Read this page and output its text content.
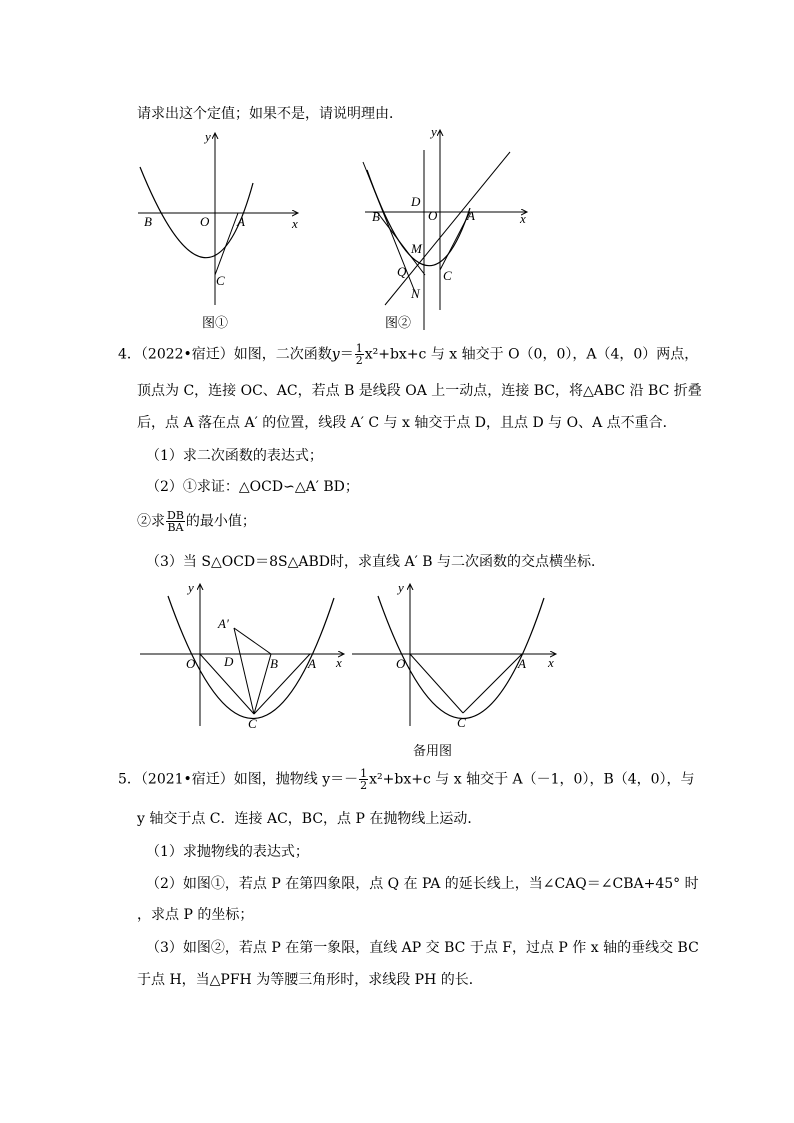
请求出这个定值；如果不是，请说明理由．
y
x
O A
B
C
图①
y
x
O A
B
C
D
M
Q
N
图②
4．（2022•宿迁）如图，二次函数$y= \frac{1}{2} x^2+bx+c$ 与 x 轴交于 O（0，0），A（4，0）两点，
顶点为 C，连接 OC、AC，若点 B 是线段 OA 上一动点，连接 BC，将△ABC 沿 BC 折叠
后，点 A 落在点 A′ 的位置，线段 A′ C 与 x 轴交于点 D，且点 D 与 O、A 点不重合．
（1）求二次函数的表达式；
（2）①求证：△OCD∽△A′ BD；
②求 $\frac{DB}{BA}$ 的最小值；
（3）当 S△OCD＝8S△ABD时，求直线 A′ B 与二次函数的交点横坐标．
y
x
O D	B A
A′
C
y
x
O	A
C
备用图
5．（2021•宿迁）如图，抛物线 $y=- \frac{1}{2} x^2+bx+c$ 与 x 轴交于 A（－1，0），B（4，0），与
y 轴交于点 C．连接 AC，BC，点 P 在抛物线上运动．
（1）求抛物线的表达式；
（2）如图①，若点 P 在第四象限，点 Q 在 PA 的延长线上，当∠CAQ＝∠CBA+45° 时
，求点 P 的坐标；
（3）如图②，若点 P 在第一象限，直线 AP 交 BC 于点 F，过点 P 作 x 轴的垂线交 BC
于点 H，当△PFH 为等腰三角形时，求线段 PH 的长．
